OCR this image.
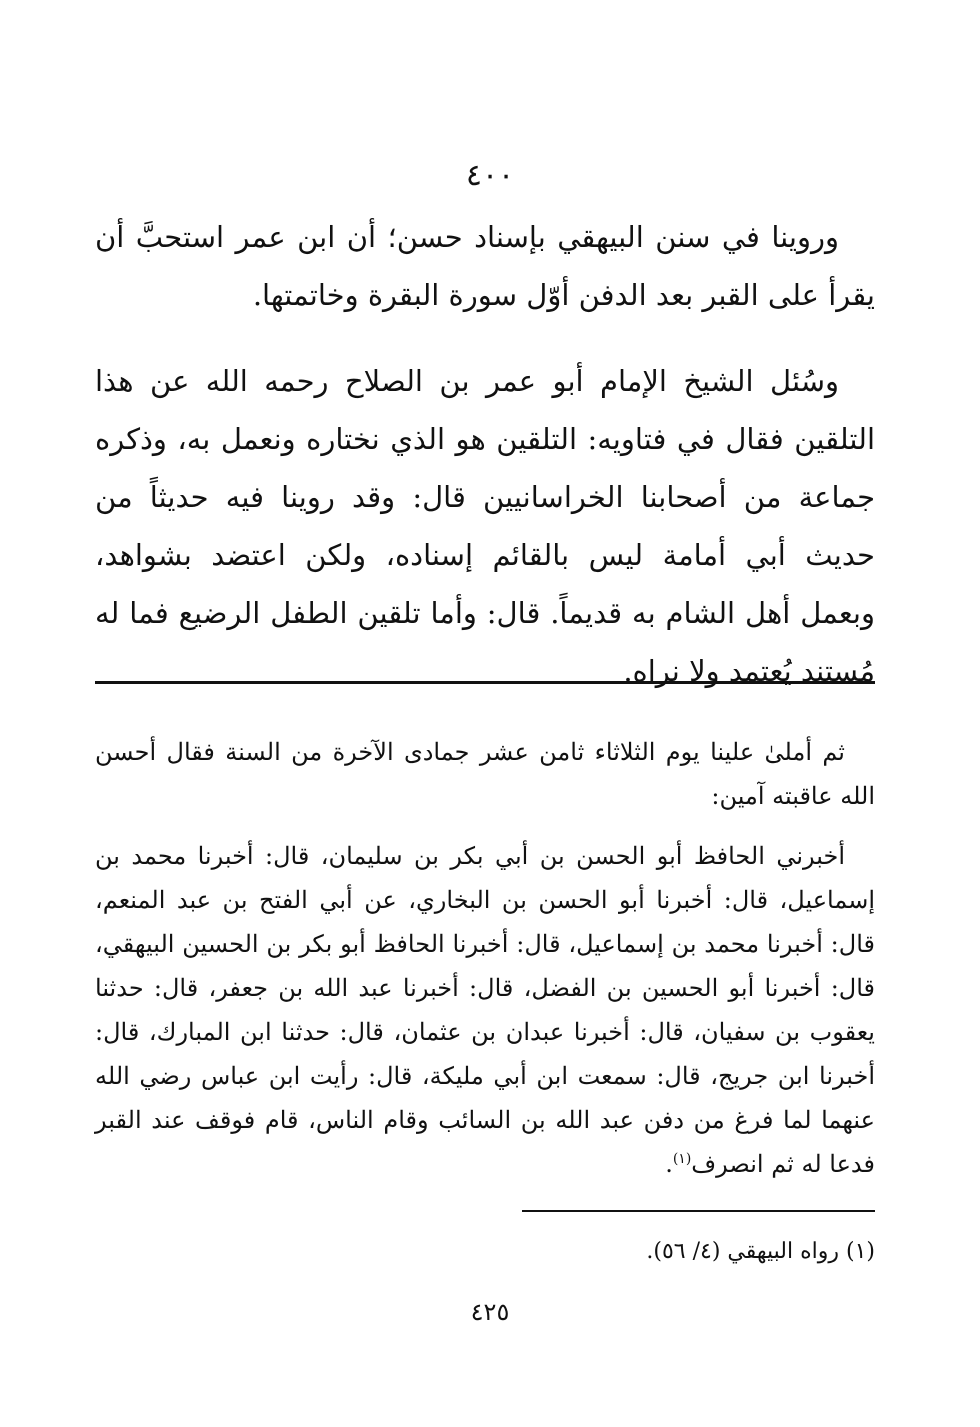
٤٠٠

وروينا في سنن البيهقي بإسناد حسن؛ أن ابن عمر استحبَّ أن يقرأ على القبر بعد الدفن أوّل سورة البقرة وخاتمتها.

وسُئل الشيخ الإمام أبو عمر بن الصلاح رحمه الله عن هذا التلقين فقال في فتاويه: التلقين هو الذي نختاره ونعمل به، وذكره جماعة من أصحابنا الخراسانيين قال: وقد روينا فيه حديثاً من حديث أبي أمامة ليس بالقائم إسناده، ولكن اعتضد بشواهد، وبعمل أهل الشام به قديماً. قال: وأما تلقين الطفل الرضيع فما له مُستند يُعتمد ولا نراه.

ثم أملىٰ علينا يوم الثلاثاء ثامن عشر جمادى الآخرة من السنة فقال أحسن الله عاقبته آمين:

أخبرني الحافظ أبو الحسن بن أبي بكر بن سليمان، قال: أخبرنا محمد بن إسماعيل، قال: أخبرنا أبو الحسن بن البخاري، عن أبي الفتح بن عبد المنعم، قال: أخبرنا محمد بن إسماعيل، قال: أخبرنا الحافظ أبو بكر بن الحسين البيهقي، قال: أخبرنا أبو الحسين بن الفضل، قال: أخبرنا عبد الله بن جعفر، قال: حدثنا يعقوب بن سفيان، قال: أخبرنا عبدان بن عثمان، قال: حدثنا ابن المبارك، قال: أخبرنا ابن جريج، قال: سمعت ابن أبي مليكة، قال: رأيت ابن عباس رضي الله عنهما لما فرغ من دفن عبد الله بن السائب وقام الناس، قام فوقف عند القبر فدعا له ثم انصرف$^{(١)}$.

(١) رواه البيهقي (٤/ ٥٦).
٤٢٥
